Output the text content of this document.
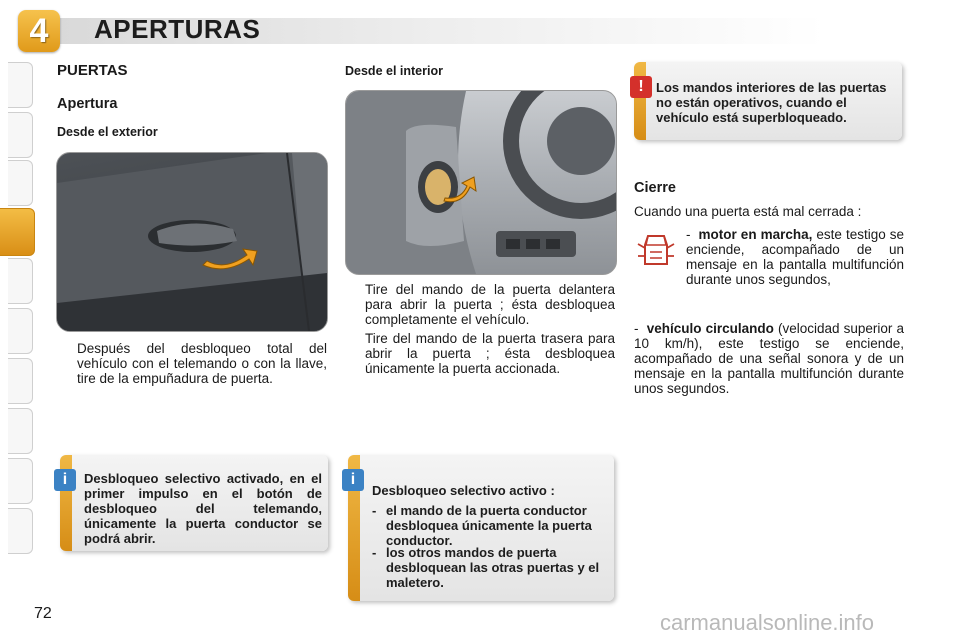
4	APERTURAS
PUERTAS
Apertura
Desde el exterior
Después del desbloqueo total del vehículo con el telemando o con la llave, tire de la empuñadura de puerta.
Desde el interior
Tire del mando de la puerta delantera para abrir la puerta ; ésta desbloquea completamente el vehículo.
Tire del mando de la puerta trasera para abrir la puerta ; ésta desbloquea únicamente la puerta accionada.
! Los mandos interiores de las puertas no están operativos, cuando el vehículo está superbloqueado.
Cierre
Cuando una puerta está mal cerrada :
- motor en marcha, este testigo se enciende, acompañado de un mensaje en la pantalla multifunción durante unos segundos,
- vehículo circulando (velocidad superior a 10 km/h), este testigo se enciende, acompañado de una señal sonora y de un mensaje en la pantalla multifunción durante unos segundos.
i	Desbloqueo selectivo activado, en el primer impulso en el botón de desbloqueo del telemando, únicamente la puerta conductor se podrá abrir.
i
Desbloqueo selectivo activo :
- el mando de la puerta conductor desbloquea únicamente la puerta conductor.
- los otros mandos de puerta desbloquean las otras puertas y el maletero.
72	carmanualsonline.info
